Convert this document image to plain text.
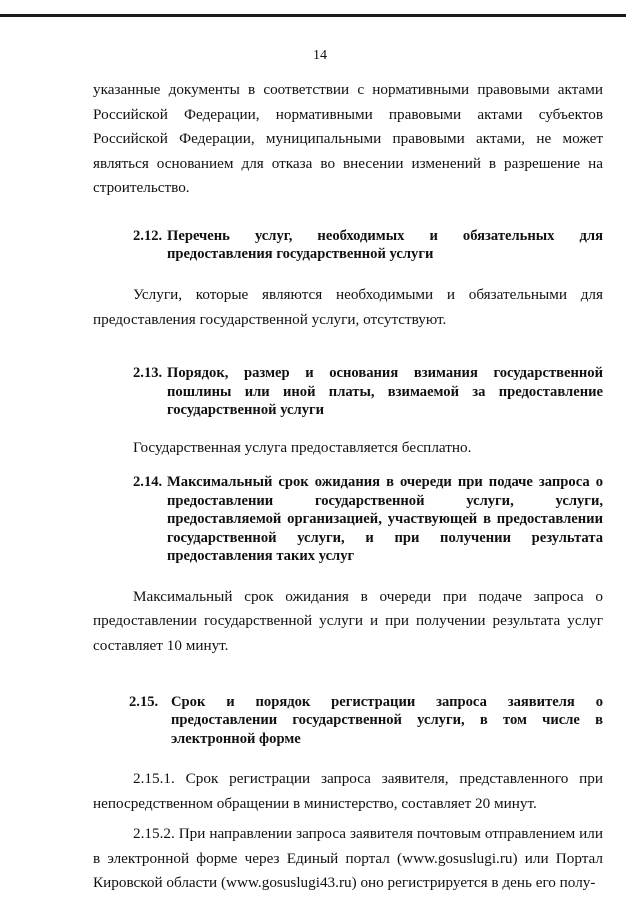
14

указанные документы в соответствии с нормативными правовыми актами Российской Федерации, нормативными правовыми актами субъектов Российской Федерации, муниципальными правовыми актами, не может являться основанием для отказа во внесении изменений в разрешение на строительство.

2.12. Перечень услуг, необходимых и обязательных для предоставления государственной услуги

Услуги, которые являются необходимыми и обязательными для предоставления государственной услуги, отсутствуют.

2.13. Порядок, размер и основания взимания государственной пошлины или иной платы, взимаемой за предоставление государственной услуги

Государственная услуга предоставляется бесплатно.

2.14. Максимальный срок ожидания в очереди при подаче запроса о предоставлении государственной услуги, услуги, предоставляемой организацией, участвующей в предоставлении государственной услуги, и при получении результата предоставления таких услуг

Максимальный срок ожидания в очереди при подаче запроса о предоставлении государственной услуги и при получении результата услуг составляет 10 минут.

2.15. Срок и порядок регистрации запроса заявителя о предоставлении государственной услуги, в том числе в электронной форме

2.15.1. Срок регистрации запроса заявителя, представленного при непосредственном обращении в министерство, составляет 20 минут.

2.15.2. При направлении запроса заявителя почтовым отправлением или в электронной форме через Единый портал (www.gosuslugi.ru) или Портал Кировской области (www.gosuslugi43.ru) оно регистрируется в день его полу-
